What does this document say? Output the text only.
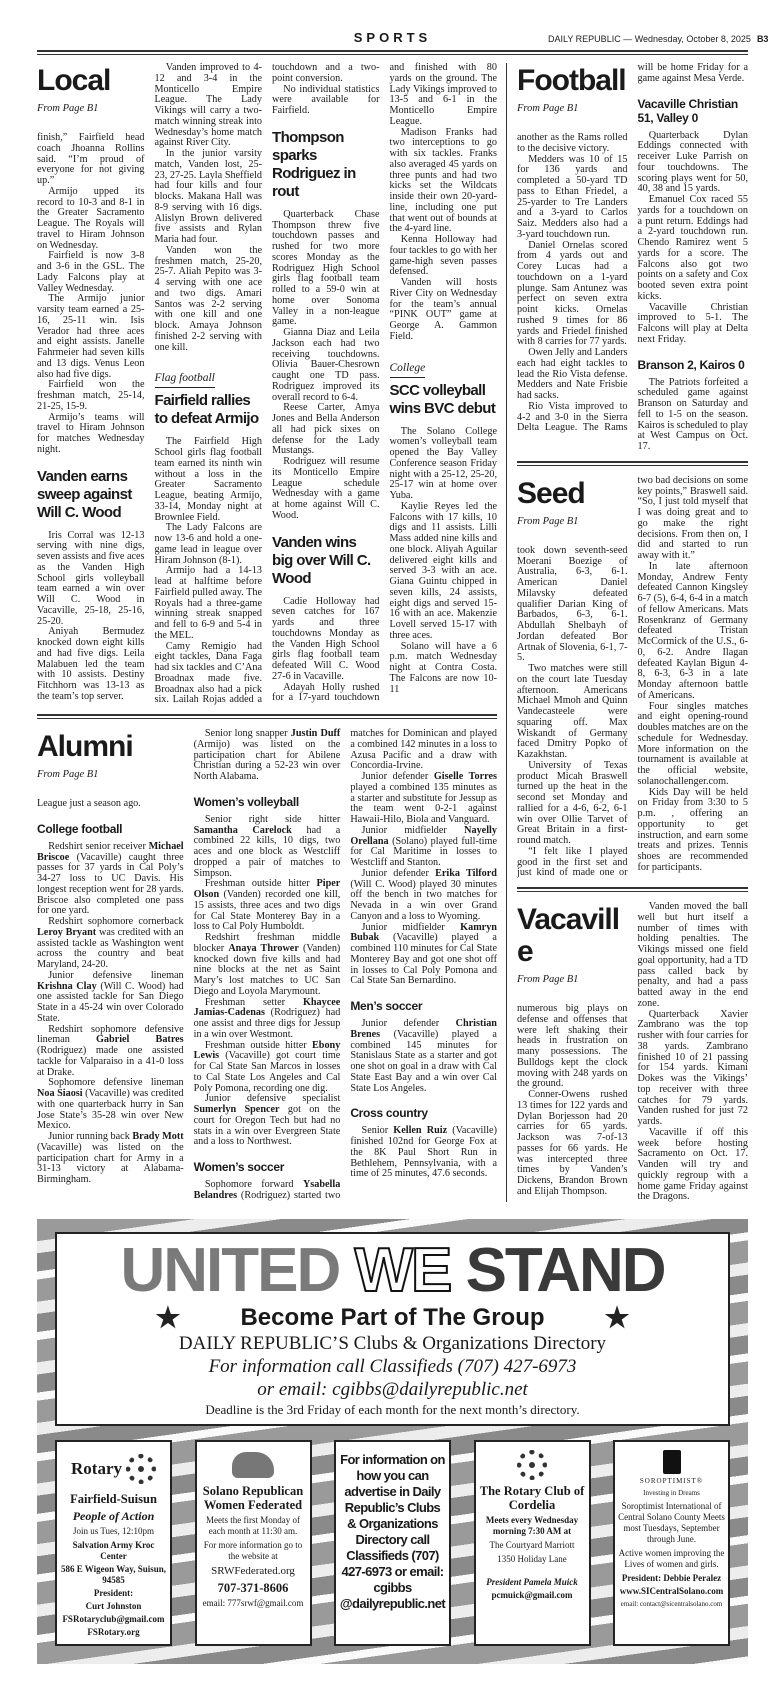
SPORTS	DAILY REPUBLIC — Wednesday, October 8, 2025 B3
Local
From Page B1

finish,” Fairfield head coach Jhoanna Rollins said. “I’m proud of everyone for not giving up.”

Armijo upped its record to 10-3 and 8-1 in the Greater Sacramento League. The Royals will travel to Hiram Johnson on Wednesday.

Fairfield is now 3-8 and 3-6 in the GSL. The Lady Falcons play at Valley Wednesday.

The Armijo junior varsity team earned a 25-16, 25-11 win. Isis Verador had three aces and eight assists. Janelle Fahrmeier had seven kills and 13 digs. Venus Leon also had five digs.

Fairfield won the freshman match, 25-14, 21-25, 15-9.

Armijo’s teams will travel to Hiram Johnson for matches Wednesday night.

Vanden earns sweep against Will C. Wood

Iris Corral was 12-13 serving with nine digs, seven assists and five aces as the Vanden High School girls volleyball team earned a win over Will C. Wood in Vacaville, 25-18, 25-16, 25-20.

Aniyah Bermudez knocked down eight kills and had five digs. Leila Malabuen led the team with 10 assists. Destiny Fitchhorn was 13-13 as the team’s top server.

Vanden improved to 4-12 and 3-4 in the Monticello Empire League. The Lady Vikings will carry a two-match winning streak into Wednesday’s home match against River City.

In the junior varsity match, Vanden lost, 25-23, 27-25. Layla Sheffield had four kills and four blocks. Makana Hall was 8-9 serving with 16 digs. Alislyn Brown delivered five assists and Rylan Maria had four.

Vanden won the freshmen match, 25-20, 25-7. Aliah Pepito was 3-4 serving with one ace and two digs. Amari Santos was 2-2 serving with one kill and one block. Amaya Johnson finished 2-2 serving with one kill.

Flag football
Fairfield rallies to defeat Armijo

The Fairfield High School girls flag football team earned its ninth win without a loss in the Greater Sacramento League, beating Armijo, 33-14, Monday night at Brownlee Field.

The Lady Falcons are now 13-6 and hold a one-game lead in league over Hiram Johnson (8-1).

Armijo had a 14-13 lead at halftime before Fairfield pulled away. The Royals had a three-game winning streak snapped and fell to 6-9 and 5-4 in the MEL.

Camy Remigio had eight tackles, Dana Faga had six tackles and C’Ana Broadnax made five. Broadnax also had a pick six. Lailah Rojas added a touchdown and a two-point conversion.

No individual statistics were available for Fairfield.

Thompson sparks Rodriguez in rout

Quarterback Chase Thompson threw five touchdown passes and rushed for two more scores Monday as the Rodriguez High School girls flag football team rolled to a 59-0 win at home over Sonoma Valley in a non-league game.

Gianna Diaz and Leila Jackson each had two receiving touchdowns. Olivia Bauer-Chesrown caught one TD pass. Rodriguez improved its overall record to 6-4.

Reese Carter, Amya Jones and Bella Anderson all had pick sixes on defense for the Lady Mustangs.

Rodriguez will resume its Monticello Empire League schedule Wednesday with a game at home against Will C. Wood.

Vanden wins big over Will C. Wood

Cadie Holloway had seven catches for 167 yards and three touchdowns Monday as the Vanden High School girls flag football team defeated Will C. Wood 27-6 in Vacaville.

Adayah Holly rushed for a 17-yard touchdown and finished with 80 yards on the ground. The Lady Vikings improved to 13-5 and 6-1 in the Monticello Empire League.

Madison Franks had two interceptions to go with six tackles. Franks also averaged 45 yards on three punts and had two kicks set the Wildcats inside their own 20-yard-line, including one put that went out of bounds at the 4-yard line.

Kenna Holloway had four tackles to go with her game-high seven passes defensed.

Vanden will hosts River City on Wednesday for the team’s annual “PINK OUT” game at George A. Gammon Field.

College
SCC volleyball wins BVC debut

The Solano College women’s volleyball team opened the Bay Valley Conference season Friday night with a 25-12, 25-20, 25-17 win at home over Yuba.

Kaylie Reyes led the Falcons with 17 kills, 10 digs and 11 assists. Lilli Mass added nine kills and one block. Aliyah Aguilar delivered eight kills and served 3-3 with an ace. Giana Guintu chipped in seven kills, 24 assists, eight digs and served 15-16 with an ace. Makenzie Lovell served 15-17 with three aces.

Solano will have a 6 p.m. match Wednesday night at Contra Costa. The Falcons are now 10-11

Alumni
From Page B1

League just a season ago.

College football

Redshirt senior receiver Michael Briscoe (Vacaville) caught three passes for 37 yards in Cal Poly’s 34-27 loss to UC Davis. His longest reception went for 28 yards. Briscoe also completed one pass for one yard.

Redshirt sophomore cornerback Leroy Bryant was credited with an assisted tackle as Washington went across the country and beat Maryland, 24-20.

Junior defensive lineman Krishna Clay (Will C. Wood) had one assisted tackle for San Diego State in a 45-24 win over Colorado State.

Redshirt sophomore defensive lineman Gabriel Batres (Rodriguez) made one assisted tackle for Valparaiso in a 41-0 loss at Drake.

Sophomore defensive lineman Noa Siaosi (Vacaville) was credited with one quarterback hurry in San Jose State’s 35-28 win over New Mexico.

Junior running back Brady Mott (Vacaville) was listed on the participation chart for Army in a 31-13 victory at Alabama-Birmingham.

Senior long snapper Justin Duff (Armijo) was listed on the participation chart for Abilene Christian during a 52-23 win over North Alabama.

Women’s volleyball

Senior right side hitter Samantha Carelock had a combined 22 kills, 10 digs, two aces and one block as Westcliff dropped a pair of matches to Simpson.

Freshman outside hitter Piper Olson (Vanden) recorded one kill, 15 assists, three aces and two digs for Cal State Monterey Bay in a loss to Cal Poly Humboldt.

Redshirt freshman middle blocker Anaya Thrower (Vanden) knocked down five kills and had nine blocks at the net as Saint Mary’s lost matches to UC San Diego and Loyola Marymount.

Freshman setter Khaycee Jamias-Cadenas (Rodriguez) had one assist and three digs for Jessup in a win over Westmont.

Freshman outside hitter Ebony Lewis (Vacaville) got court time for Cal State San Marcos in losses to Cal State Los Angeles and Cal Poly Pomona, recording one dig.

Junior defensive specialist Sumerlyn Spencer got on the court for Oregon Tech but had no stats in a win over Evergreen State and a loss to Northwest.

Women’s soccer

Sophomore forward Ysabella Belandres (Rodriguez) started two matches for Dominican and played a combined 142 minutes in a loss to Azusa Pacific and a draw with Concordia-Irvine.

Junior defender Giselle Torres played a combined 135 minutes as a starter and substitute for Jessup as the team went 0-2-1 against Hawaii-Hilo, Biola and Vanguard.

Junior midfielder Nayelly Orellana (Solano) played full-time for Cal Maritime in losses to Westcliff and Stanton.

Junior defender Erika Tilford (Will C. Wood) played 30 minutes off the bench in two matches for Nevada in a win over Grand Canyon and a loss to Wyoming.

Junior midfielder Kamryn Bubak (Vacaville) played a combined 110 minutes for Cal State Monterey Bay and got one shot off in losses to Cal Poly Pomona and Cal State San Bernardino.

Men’s soccer

Junior defender Christian Brenes (Vacaville) played a combined 145 minutes for Stanislaus State as a starter and got one shot on goal in a draw with Cal State East Bay and a win over Cal State Los Angeles.

Cross country

Senior Kellen Ruiz (Vacaville) finished 102nd for George Fox at the 8K Paul Short Run in Bethlehem, Pennsylvania, with a time of 25 minutes, 47.6 seconds.

Football
From Page B1

another as the Rams rolled to the decisive victory.

Medders was 10 of 15 for 136 yards and completed a 50-yard TD pass to Ethan Friedel, a 25-yarder to Tre Landers and a 3-yard to Carlos Saiz. Medders also had a 3-yard touchdown run.

Daniel Ornelas scored from 4 yards out and Corey Lucas had a touchdown on a 1-yard plunge. Sam Antunez was perfect on seven extra point kicks. Ornelas rushed 9 times for 86 yards and Friedel finished with 8 carries for 77 yards.

Owen Jelly and Landers each had eight tackles to lead the Rio Vista defense. Medders and Nate Frisbie had sacks.

Rio Vista improved to 4-2 and 3-0 in the Sierra Delta League. The Rams will be home Friday for a game against Mesa Verde.

Vacaville Christian 51, Valley 0

Quarterback Dylan Eddings connected with receiver Luke Parrish on four touchdowns. The scoring plays went for 50, 40, 38 and 15 yards.

Emanuel Cox raced 55 yards for a touchdown on a punt return. Eddings had a 2-yard touchdown run. Chendo Ramirez went 5 yards for a score. The Falcons also got two points on a safety and Cox booted seven extra point kicks.

Vacaville Christian improved to 5-1. The Falcons will play at Delta next Friday.

Branson 2, Kairos 0

The Patriots forfeited a scheduled game against Branson on Saturday and fell to 1-5 on the season. Kairos is scheduled to play at West Campus on Oct. 17.

Seed
From Page B1

took down seventh-seed Moerani Boezige of Australia, 6-3, 6-1. American Daniel Milavsky defeated qualifier Darian King of Barbados, 6-3, 6-1. Abdullah Shelbayh of Jordan defeated Bor Artnak of Slovenia, 6-1, 7-5.

Two matches were still on the court late Tuesday afternoon. Americans Michael Mmoh and Quinn Vandecasteele were squaring off. Max Wiskandt of Germany faced Dmitry Popko of Kazakhstan.

University of Texas product Micah Braswell turned up the heat in the second set Monday and rallied for a 4-6, 6-2, 6-1 win over Ollie Tarvet of Great Britain in a first-round match.

“I felt like I played good in the first set and just kind of made one or two bad decisions on some key points,” Braswell said. “So, I just told myself that I was doing great and to go make the right decisions. From then on, I did and started to run away with it.”

In late afternoon Monday, Andrew Fenty defeated Cannon Kingsley 6-7 (5), 6-4, 6-4 in a match of fellow Americans. Mats Rosenkranz of Germany defeated Tristan McCormick of the U.S., 6-0, 6-2. Andre Ilagan defeated Kaylan Bigun 4-8, 6-3, 6-3 in a late Monday afternoon battle of Americans.

Four singles matches and eight opening-round doubles matches are on the schedule for Wednesday. More information on the tournament is available at the official website, solanochallenger.com.

Kids Day will be held on Friday from 3:30 to 5 p.m. , offering an opportunity to get instruction, and earn some treats and prizes. Tennis shoes are recommended for participants.

Vacaville
From Page B1

numerous big plays on defense and offenses that were left shaking their heads in frustration on many possessions. The Bulldogs kept the clock moving with 248 yards on the ground.

Conner-Owens rushed 13 times for 122 yards and Dylan Borjesson had 20 carries for 65 yards. Jackson was 7-of-13 passes for 66 yards. He was intercepted three times by Vanden’s Dickens, Brandon Brown and Elijah Thompson.

Vanden moved the ball well but hurt itself a number of times with holding penalties. The Vikings missed one field goal opportunity, had a TD pass called back by penalty, and had a pass batted away in the end zone.

Quarterback Xavier Zambrano was the top rusher with four carries for 38 yards. Zambrano finished 10 of 21 passing for 154 yards. Kimani Dokes was the Vikings’ top receiver with three catches for 79 yards. Vanden rushed for just 72 yards.

Vacaville if off this week before hosting Sacramento on Oct. 17. Vanden will try and quickly regroup with a home game Friday against the Dragons.

UNITED WE STAND
★	Become Part of The Group ★
DAILY REPUBLIC’S Clubs & Organizations Directory
For information call Classifieds (707) 427-6973
or email: cgibbs@dailyrepublic.net
Deadline is the 3rd Friday of each month for the next month’s directory.
Rotary
Fairfield-Suisun
People of Action
Join us Tues, 12:10pm
Salvation Army Kroc Center
586 E Wigeon Way, Suisun, 94585
President:
Curt Johnston
FSRotaryclub@gmail.com
FSRotary.org
Solano Republican Women Federated
Meets the first Monday of each month at 11:30 am.
For more information go to the website at
SRWFederated.org
707-371-8606
email: 777srwf@gmail.com
For information on how you can advertise in Daily Republic’s Clubs & Organizations Directory call Classifieds (707) 427-6973 or email: cgibbs @dailyrepublic.net
The Rotary Club of Cordelia
Meets every Wednesday morning 7:30 AM at
The Courtyard Marriott
1350 Holiday Lane
President Pamela Muick
pcmuick@gmail.com
SOROPTIMIST®
Investing in Dreams
Soroptimist International of Central Solano County Meets most Tuesdays, September through June.
Active women improving the Lives of women and girls.
President: Debbie Peralez
www.SICentralSolano.com
email: contact@sicentralsolano.com
